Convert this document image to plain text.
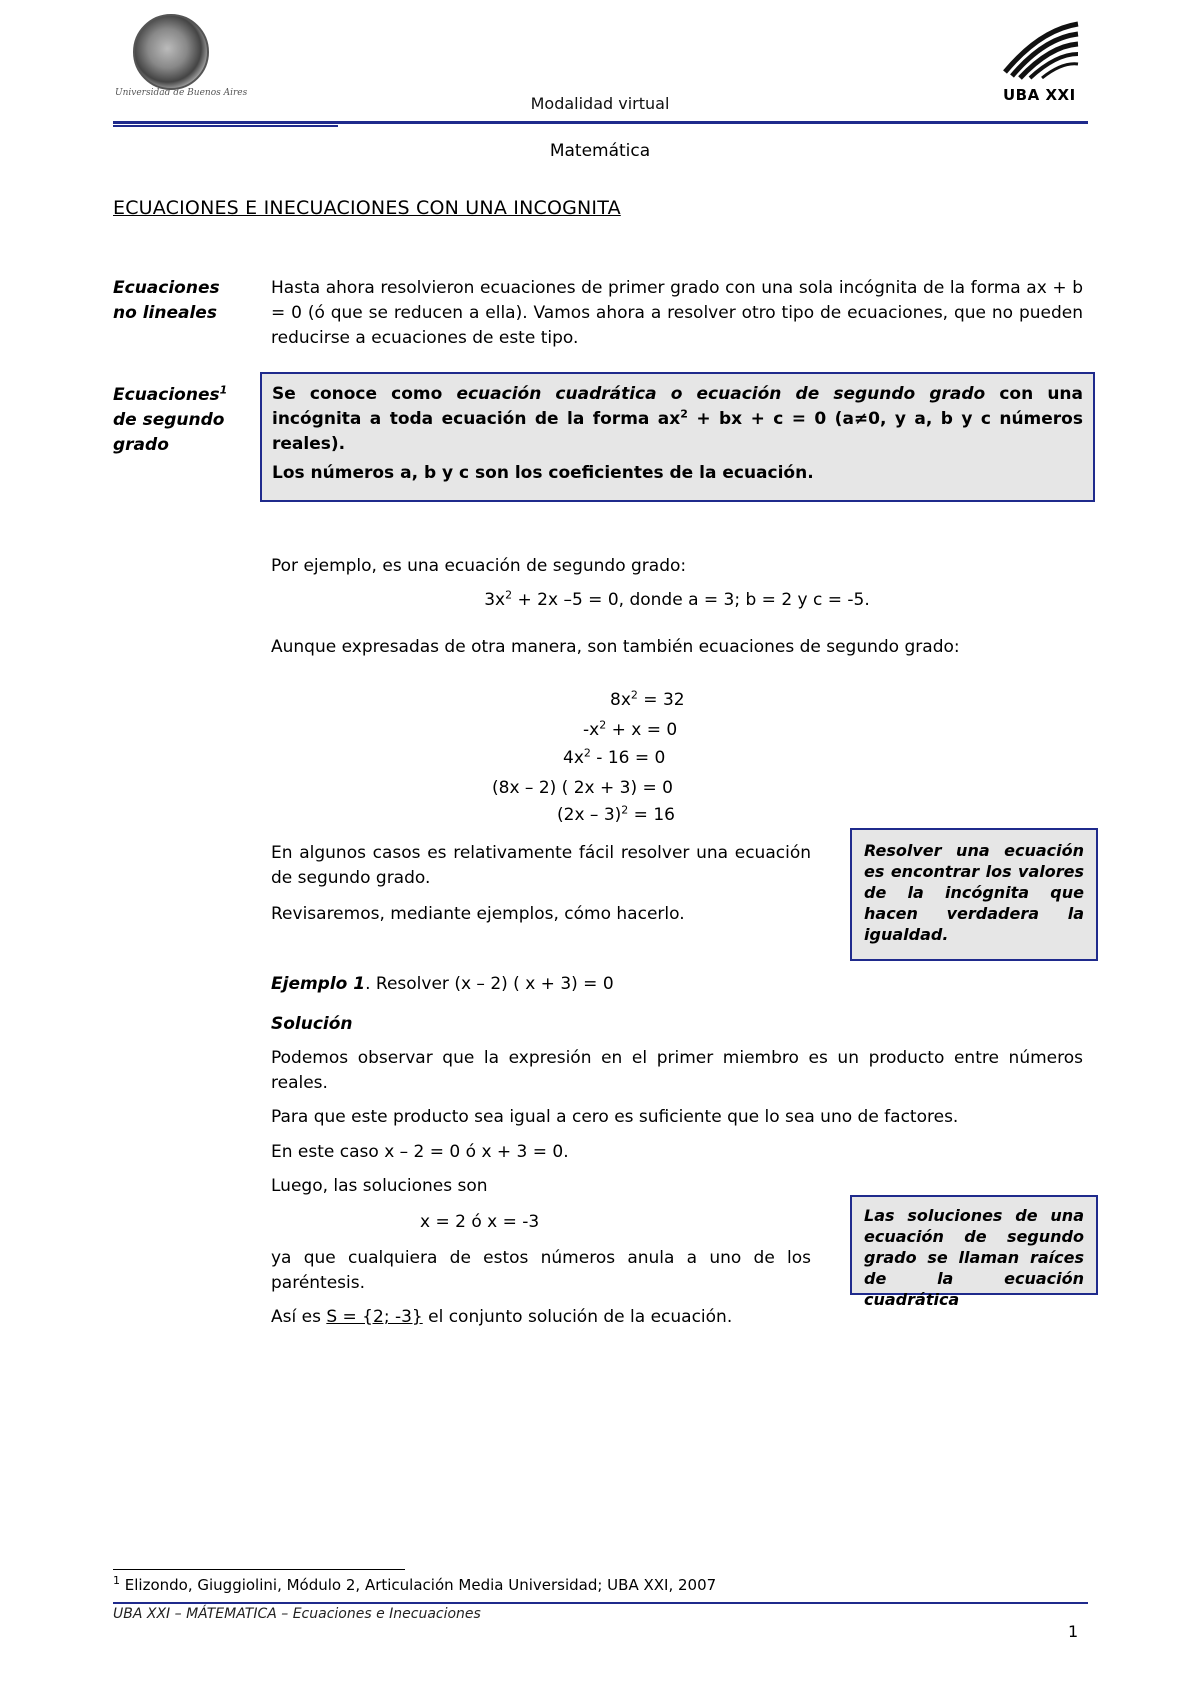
Universidad de Buenos Aires
Modalidad virtual	UBA XXI
Matemática
ECUACIONES E INECUACIONES CON UNA INCOGNITA
Ecuaciones
no lineales
Hasta ahora resolvieron ecuaciones de primer grado con una sola incógnita de la forma ax + b = 0 (ó que se reducen a ella). Vamos ahora a resolver otro tipo de ecuaciones, que no pueden reducirse a ecuaciones de este tipo.
Ecuaciones$^1$
de segundo
grado

Se conoce como ecuación cuadrática o ecuación de segundo grado con una incógnita a toda ecuación de la forma $ax^2$ + bx + c = 0 (a≠0, y a, b y c números reales).

Los números a, b y c son los coeficientes de la ecuación.

Por ejemplo, es una ecuación de segundo grado:
$3x^2 + 2x$ –5 = 0, donde a = 3; b = 2 y c = -5.
Aunque expresadas de otra manera, son también ecuaciones de segundo grado:
$8x^2 = 32$
$-x^2 + x = 0$
$4x^2 - 16 = 0$
(8x – 2) ( 2x + 3) = 0
(2x – 3)$^2$ = 16
En algunos casos es relativamente fácil resolver una ecuación de segundo grado.
Revisaremos, mediante ejemplos, cómo hacerlo.
Resolver una ecuación es encontrar los valores de la incógnita que hacen verdadera la igualdad.
Ejemplo 1. Resolver (x – 2) ( x + 3) = 0
Solución
Podemos observar que la expresión en el primer miembro es un producto entre números reales.
Para que este producto sea igual a cero es suficiente que lo sea uno de factores.
En este caso x – 2 = 0 ó x + 3 = 0.
Luego, las soluciones son
x = 2 ó x = -3
ya que cualquiera de estos números anula a uno de los paréntesis.
Así es S = {2; -3} el conjunto solución de la ecuación.
Las soluciones de una ecuación de segundo grado se llaman raíces de la ecuación cuadrática
$^1$ Elizondo, Giuggiolini, Módulo 2, Articulación Media Universidad; UBA XXI, 2007
UBA XXI – MÁTEMATICA – Ecuaciones e Inecuaciones
1
